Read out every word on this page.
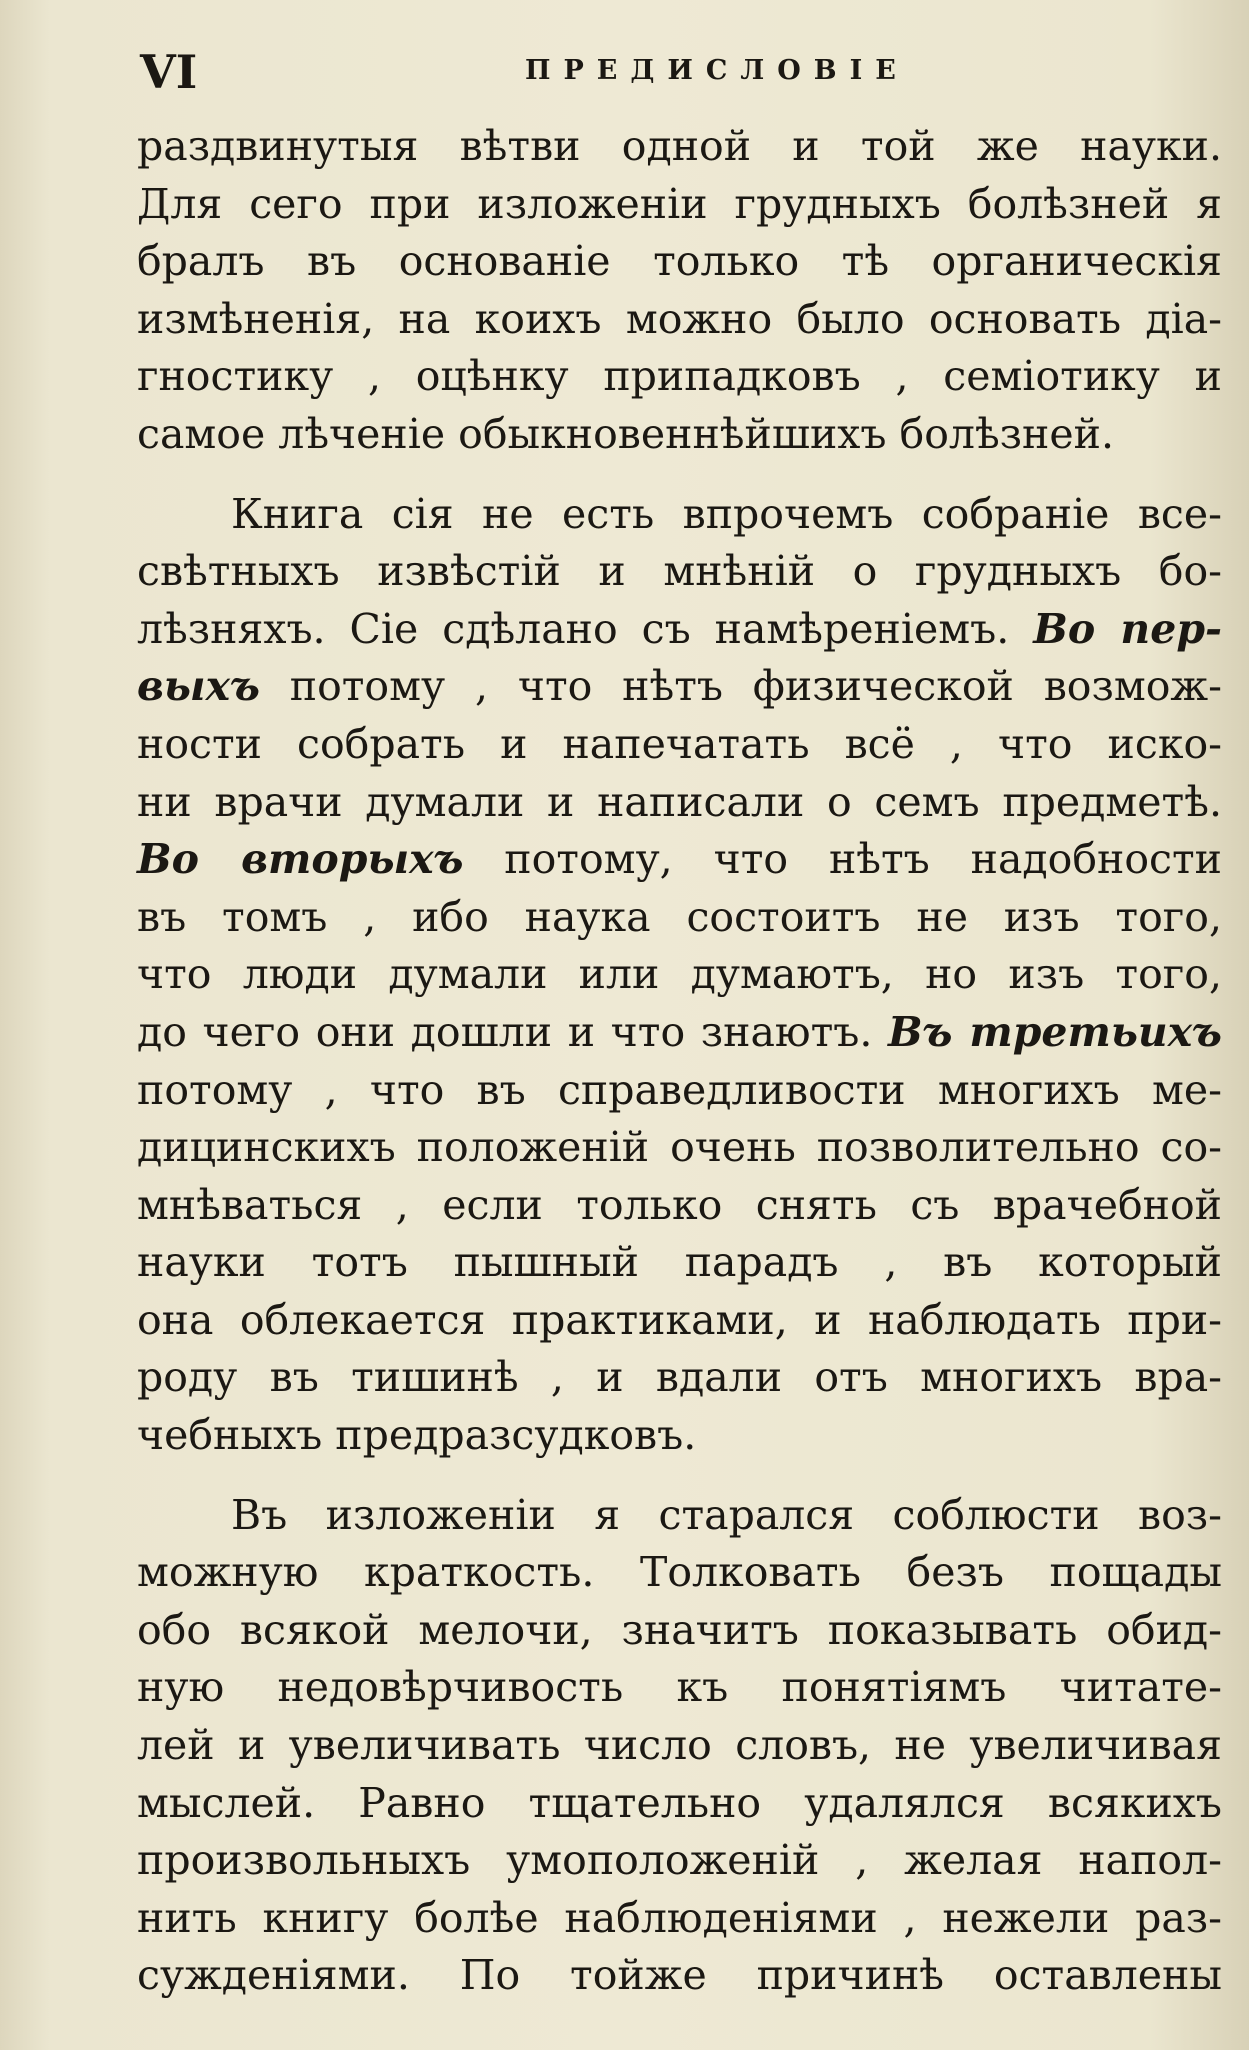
VI	ПРЕДИСЛОВІЕ
раздвинутыя вѣтви одной и той же науки.
Для сего при изложеніи грудныхъ болѣзней я
бралъ въ основаніе только тѣ органическія
измѣненія, на коихъ можно было основать діа-
гностику , оцѣнку припадковъ , семіотику и
самое лѣченіе обыкновеннѣйшихъ болѣзней.
Книга сія не есть впрочемъ собраніе все-
свѣтныхъ извѣстій и мнѣній о грудныхъ бо-
лѣзняхъ. Сіе сдѣлано съ намѣреніемъ. Во пер-
выхъ потому , что нѣтъ физической возмож-
ности собрать и напечатать всё , что иско-
ни врачи думали и написали о семъ предметѣ.
Во вторыхъ потому, что нѣтъ надобности
въ томъ , ибо наука состоитъ не изъ того,
что люди думали или думаютъ, но изъ того,
до чего они дошли и что знаютъ. Въ третьихъ
потому , что въ справедливости многихъ ме-
дицинскихъ положеній очень позволительно со-
мнѣваться , если только снять съ врачебной
науки тотъ пышный парадъ , въ который
она облекается практиками, и наблюдать при-
роду въ тишинѣ , и вдали отъ многихъ вра-
чебныхъ предразсудковъ.
Въ изложеніи я старался соблюсти воз-
можную краткость. Толковать безъ пощады
обо всякой мелочи, значитъ показывать обид-
ную недовѣрчивость къ понятіямъ читате-
лей и увеличивать число словъ, не увеличивая
мыслей. Равно тщательно удалялся всякихъ
произвольныхъ умоположеній , желая напол-
нить книгу болѣе наблюденіями , нежели раз-
сужденіями. По тойже причинѣ оставлены
